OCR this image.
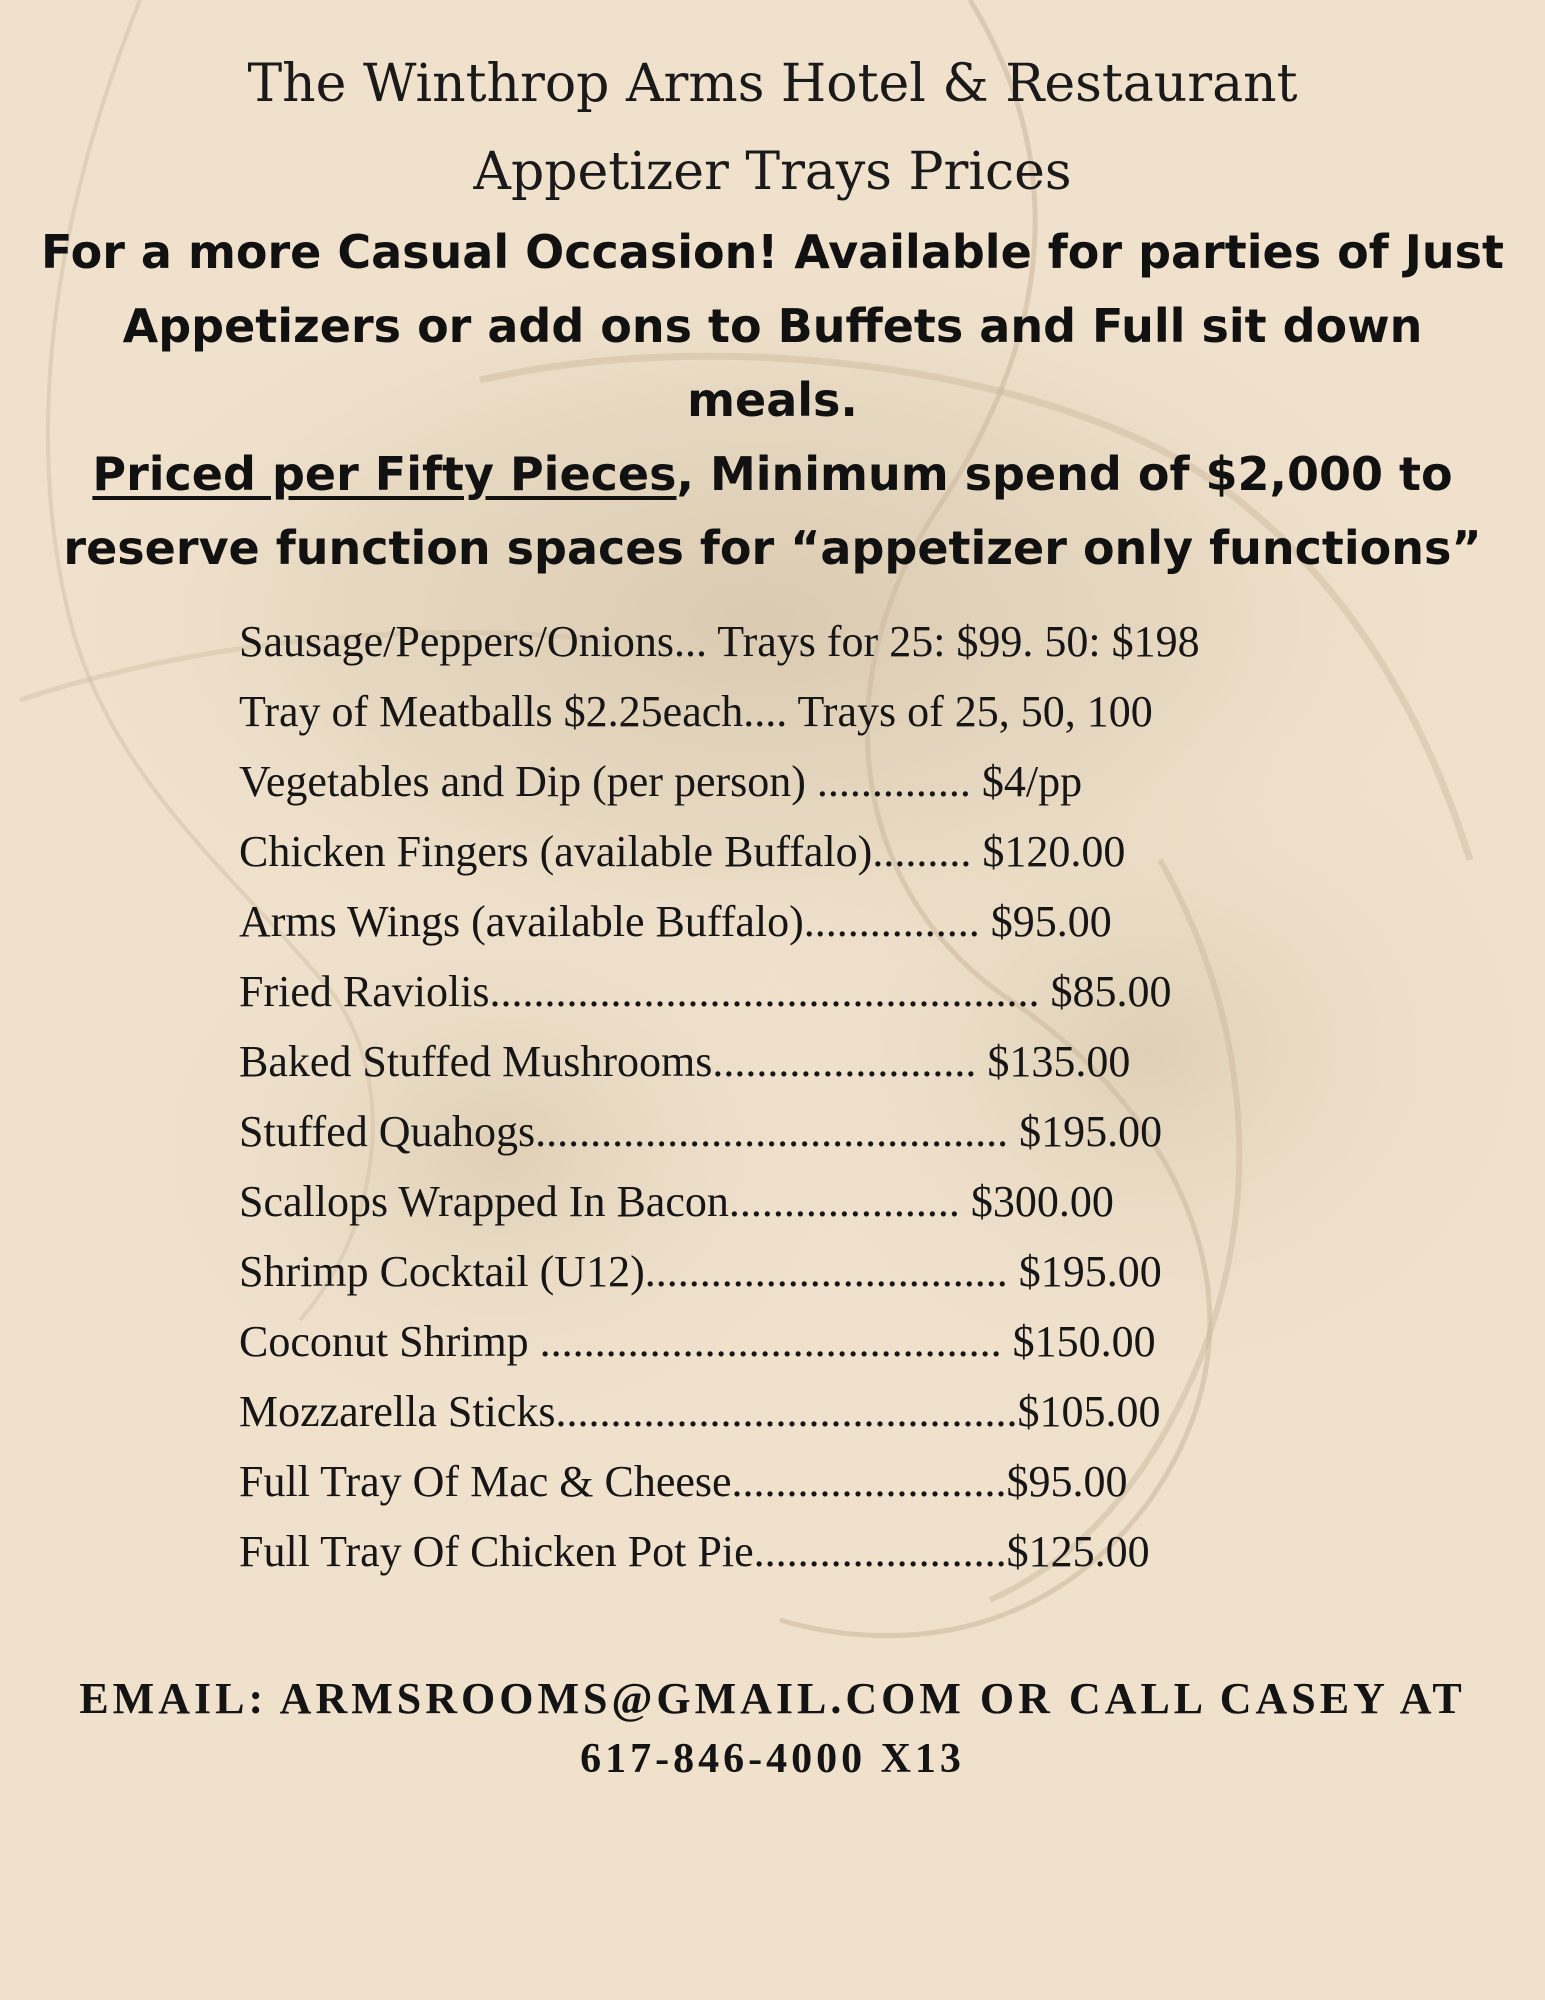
The Winthrop Arms Hotel & Restaurant
Appetizer Trays Prices

For a more Casual Occasion! Available for parties of Just Appetizers or add ons to Buffets and Full sit down meals.
Priced per Fifty Pieces, Minimum spend of $2,000 to reserve function spaces for “appetizer only functions”

Sausage/Peppers/Onions... Trays for 25: $99. 50: $198
Tray of Meatballs $2.25each.... Trays of 25, 50, 100
Vegetables and Dip (per person) .............. $4/pp
Chicken Fingers (available Buffalo)......... $120.00
Arms Wings (available Buffalo)................ $95.00
Fried Raviolis.................................................. $85.00
Baked Stuffed Mushrooms........................ $135.00
Stuffed Quahogs........................................... $195.00
Scallops Wrapped In Bacon..................... $300.00
Shrimp Cocktail (U12)................................. $195.00
Coconut Shrimp .......................................... $150.00
Mozzarella Sticks..........................................$105.00
Full Tray Of Mac & Cheese.........................$95.00
Full Tray Of Chicken Pot Pie.......................$125.00

EMAIL: ARMSROOMS@GMAIL.COM OR CALL CASEY AT

617-846-4000 X13
